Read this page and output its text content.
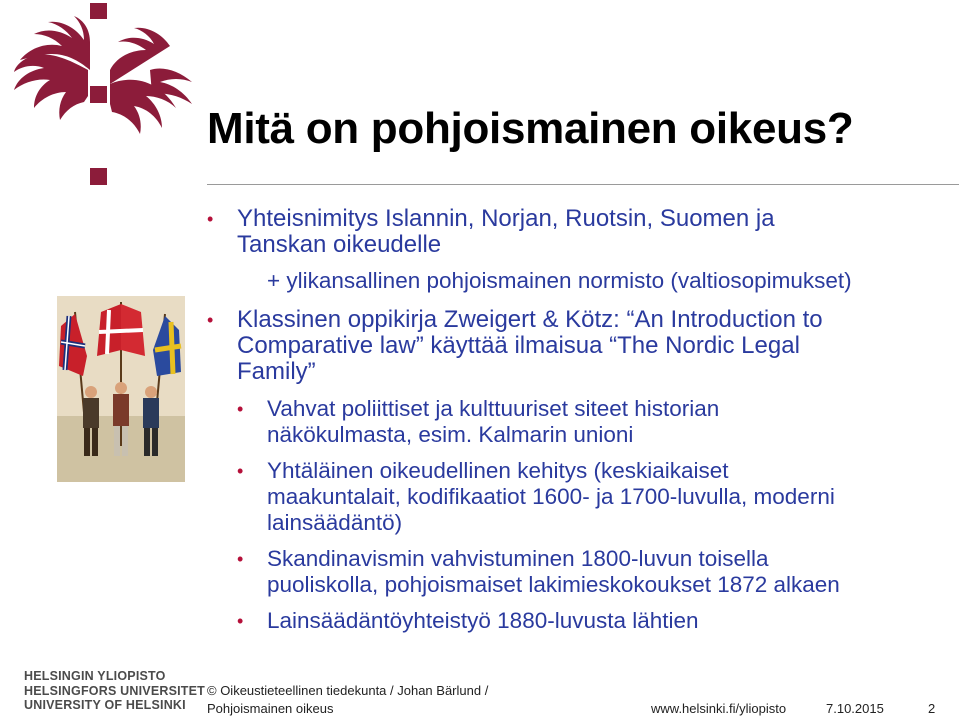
Mitä on pohjoismainen oikeus?
• Yhteisnimitys Islannin, Norjan, Ruotsin, Suomen ja
Tanskan oikeudelle
+ ylikansallinen pohjoismainen normisto (valtiosopimukset)
• Klassinen oppikirja Zweigert & Kötz: “An Introduction to
Comparative law” käyttää ilmaisua “The Nordic Legal
Family”
• Vahvat poliittiset ja kulttuuriset siteet historian
näkökulmasta, esim. Kalmarin unioni
• Yhtäläinen oikeudellinen kehitys (keskiaikaiset
maakuntalait, kodifikaatiot 1600- ja 1700-luvulla, moderni
lainsäädäntö)
• Skandinavismin vahvistuminen 1800-luvun toisella
puoliskolla, pohjoismaiset lakimieskokoukset 1872 alkaen
• Lainsäädäntöyhteistyö 1880-luvusta lähtien
HELSINGIN YLIOPISTO
HELSINGFORS UNIVERSITET
UNIVERSITY OF HELSINKI
© Oikeustieteellinen tiedekunta / Johan Bärlund /
Pohjoismainen oikeus	www.helsinki.fi/yliopisto	7.10.2015	2
